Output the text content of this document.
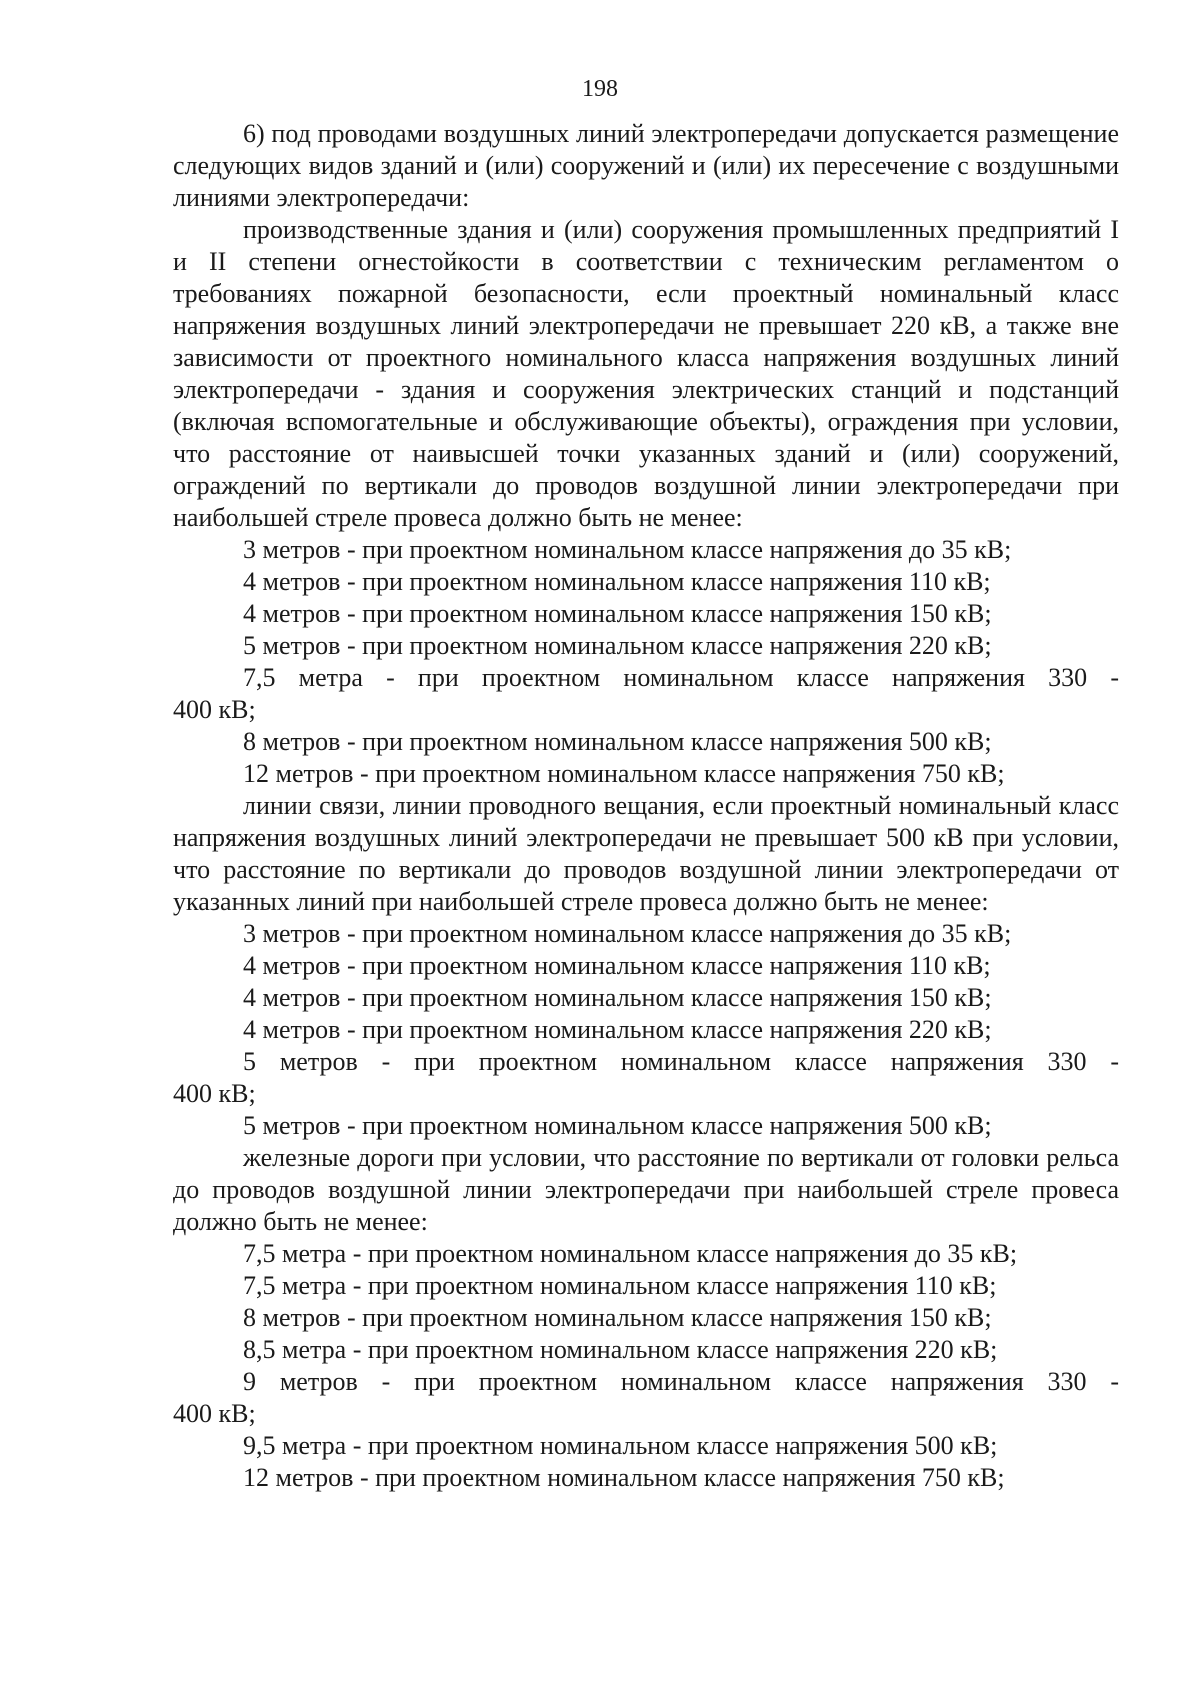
198

6) под проводами воздушных линий электропередачи допускается размещение следующих видов зданий и (или) сооружений и (или) их пересечение с воздушными линиями электропередачи:

производственные здания и (или) сооружения промышленных предприятий I и II степени огнестойкости в соответствии с техническим регламентом о требованиях пожарной безопасности, если проектный номинальный класс напряжения воздушных линий электропередачи не превышает 220 кВ, а также вне зависимости от проектного номинального класса напряжения воздушных линий электропередачи - здания и сооружения электрических станций и подстанций (включая вспомогательные и обслуживающие объекты), ограждения при условии, что расстояние от наивысшей точки указанных зданий и (или) сооружений, ограждений по вертикали до проводов воздушной линии электропередачи при наибольшей стреле провеса должно быть не менее:

3 метров - при проектном номинальном классе напряжения до 35 кВ;

4 метров - при проектном номинальном классе напряжения 110 кВ;

4 метров - при проектном номинальном классе напряжения 150 кВ;

5 метров - при проектном номинальном классе напряжения 220 кВ;

7,5 метра - при проектном номинальном классе напряжения 330 -

400 кВ;

8 метров - при проектном номинальном классе напряжения 500 кВ;

12 метров - при проектном номинальном классе напряжения 750 кВ;

линии связи, линии проводного вещания, если проектный номинальный класс напряжения воздушных линий электропередачи не превышает 500 кВ при условии, что расстояние по вертикали до проводов воздушной линии электропередачи от указанных линий при наибольшей стреле провеса должно быть не менее:

3 метров - при проектном номинальном классе напряжения до 35 кВ;

4 метров - при проектном номинальном классе напряжения 110 кВ;

4 метров - при проектном номинальном классе напряжения 150 кВ;

4 метров - при проектном номинальном классе напряжения 220 кВ;

5 метров - при проектном номинальном классе напряжения 330 -

400 кВ;

5 метров - при проектном номинальном классе напряжения 500 кВ;

железные дороги при условии, что расстояние по вертикали от головки рельса до проводов воздушной линии электропередачи при наибольшей стреле провеса должно быть не менее:

7,5 метра - при проектном номинальном классе напряжения до 35 кВ;

7,5 метра - при проектном номинальном классе напряжения 110 кВ;

8 метров - при проектном номинальном классе напряжения 150 кВ;

8,5 метра - при проектном номинальном классе напряжения 220 кВ;

9 метров - при проектном номинальном классе напряжения 330 -

400 кВ;

9,5 метра - при проектном номинальном классе напряжения 500 кВ;

12 метров - при проектном номинальном классе напряжения 750 кВ;
